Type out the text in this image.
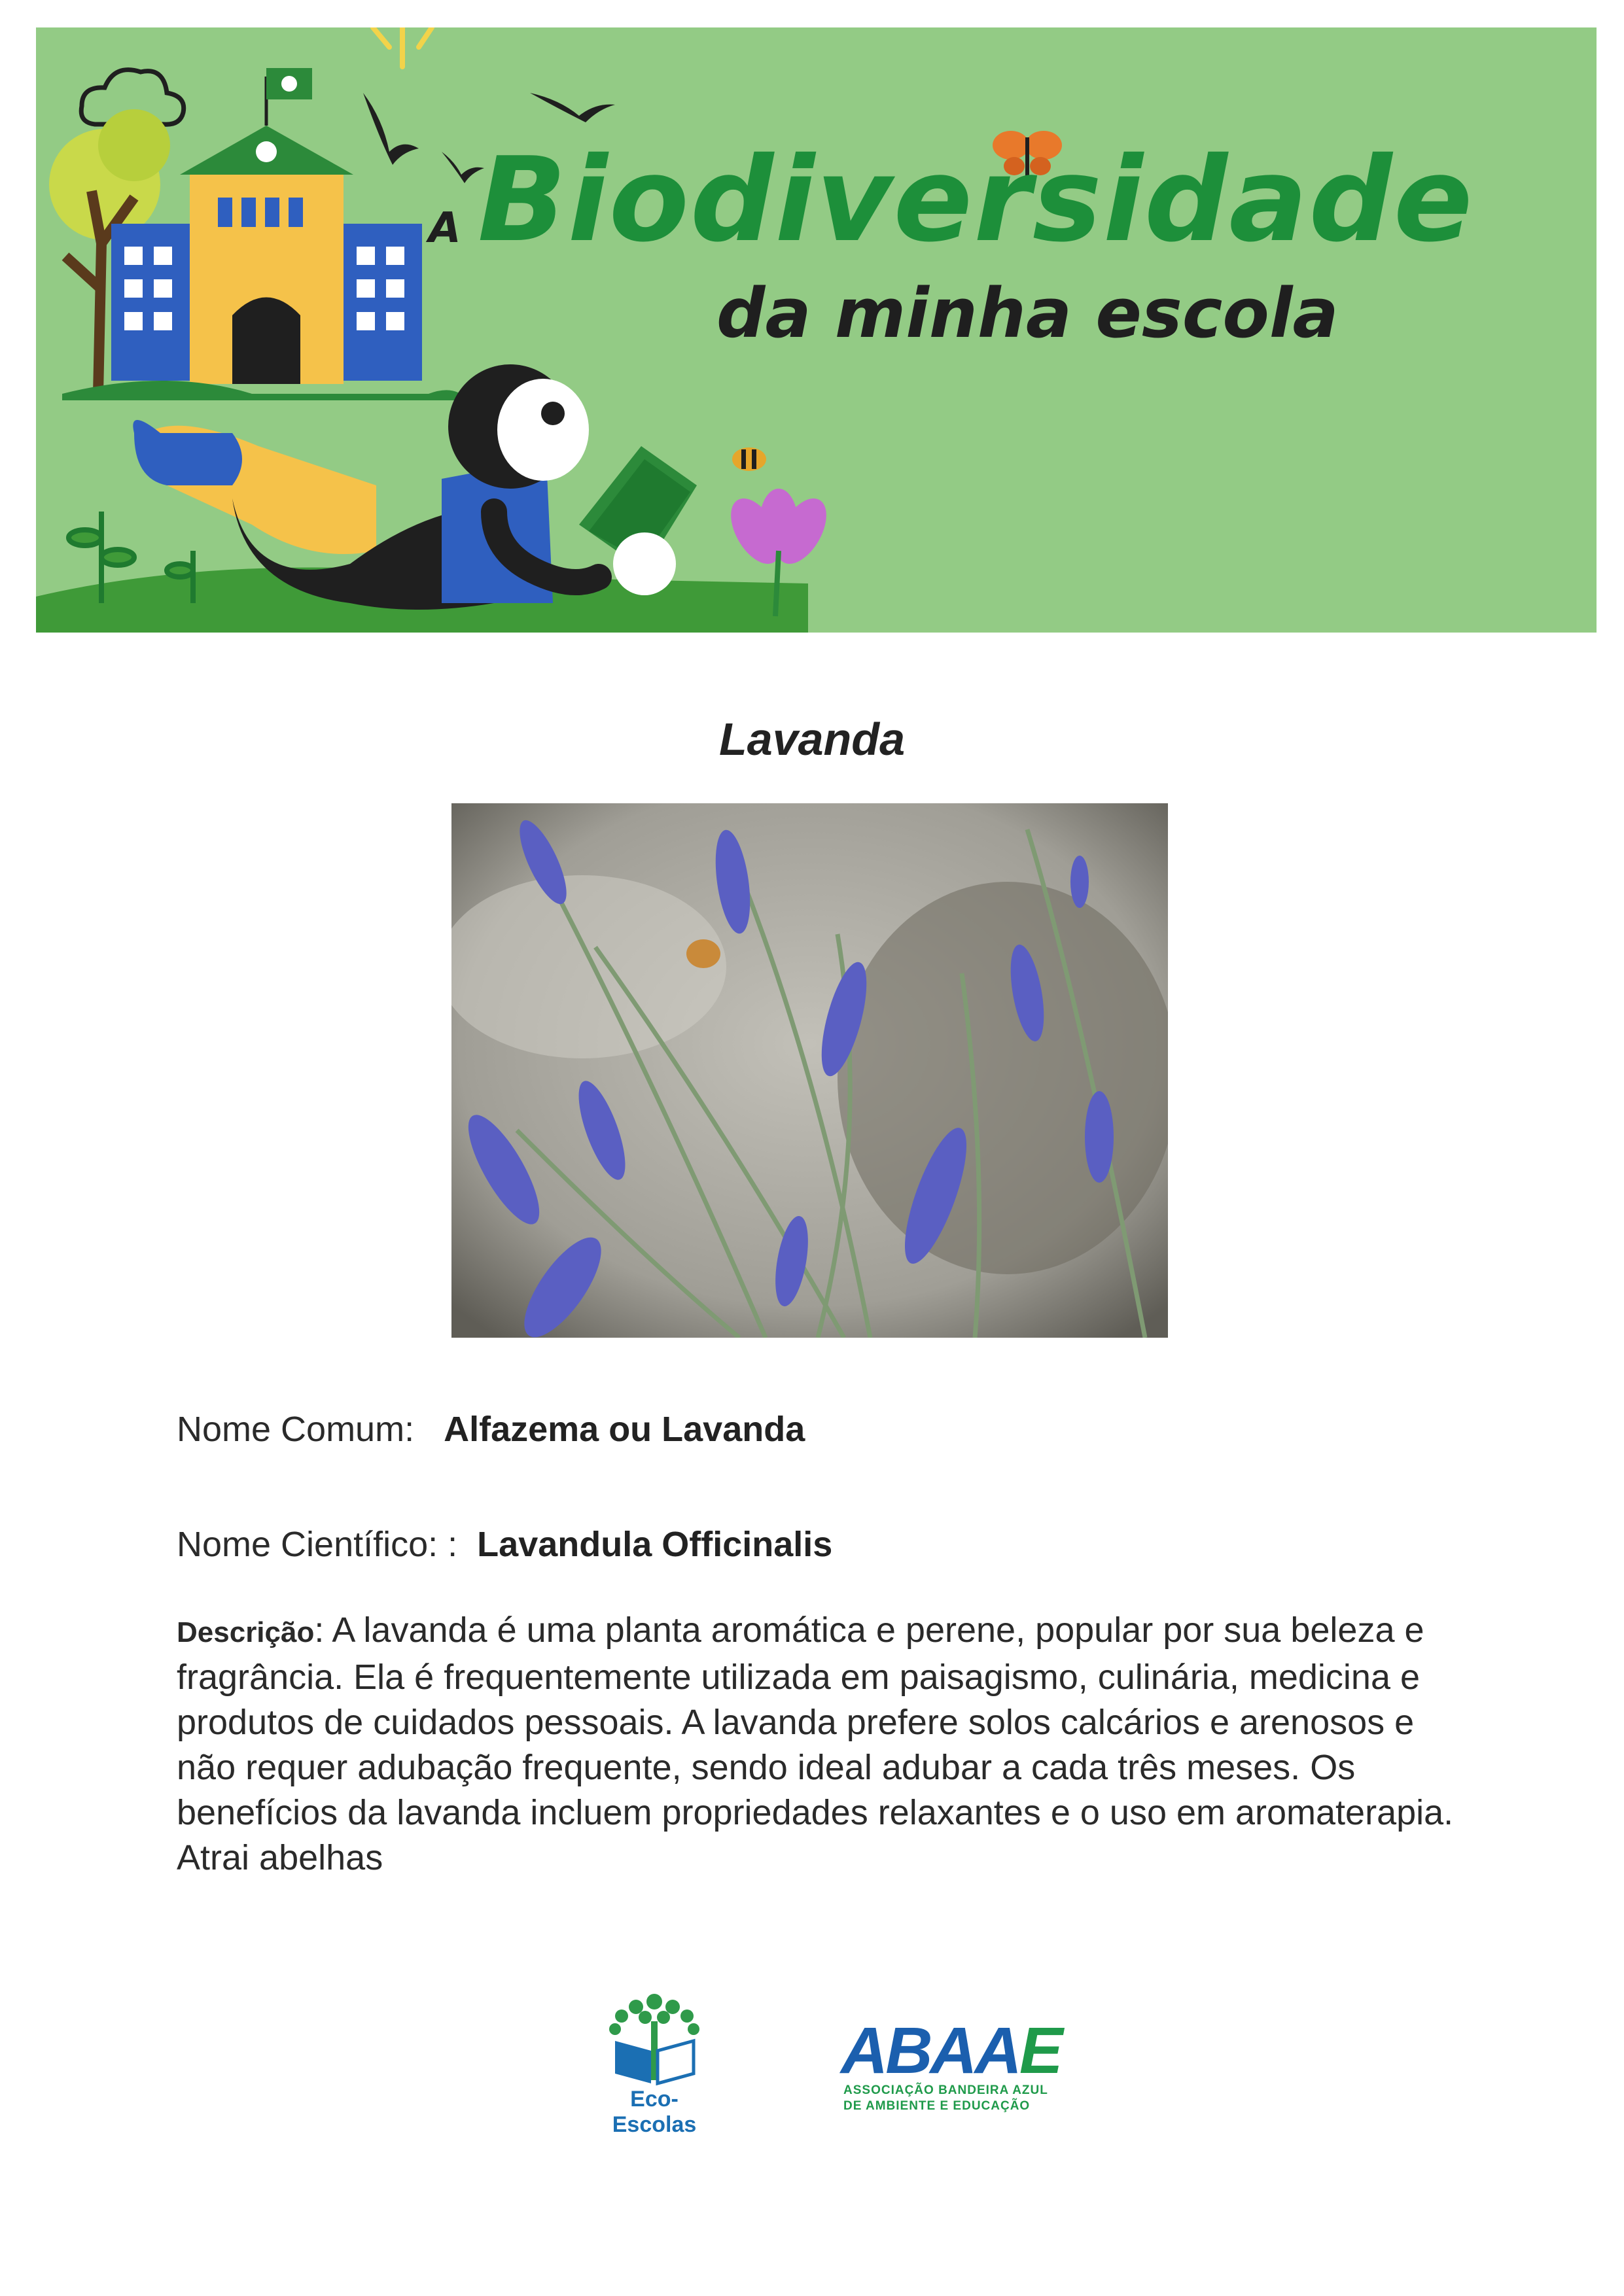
A Biodiversidade
da minha escola
Lavanda
Nome Comum: Alfazema ou Lavanda
Nome Científico: : Lavandula Officinalis
Descrição: A lavanda é uma planta aromática e perene, popular por sua beleza e fragrância. Ela é frequentemente utilizada em paisagismo, culinária, medicina e produtos de cuidados pessoais. A lavanda prefere solos calcários e arenosos e não requer adubação frequente, sendo ideal adubar a cada três meses. Os benefícios da lavanda incluem propriedades relaxantes e o uso em aromaterapia. Atrai abelhas
Eco-Escolas
ABAAE
ASSOCIAÇÃO BANDEIRA AZUL
DE AMBIENTE E EDUCAÇÃO
